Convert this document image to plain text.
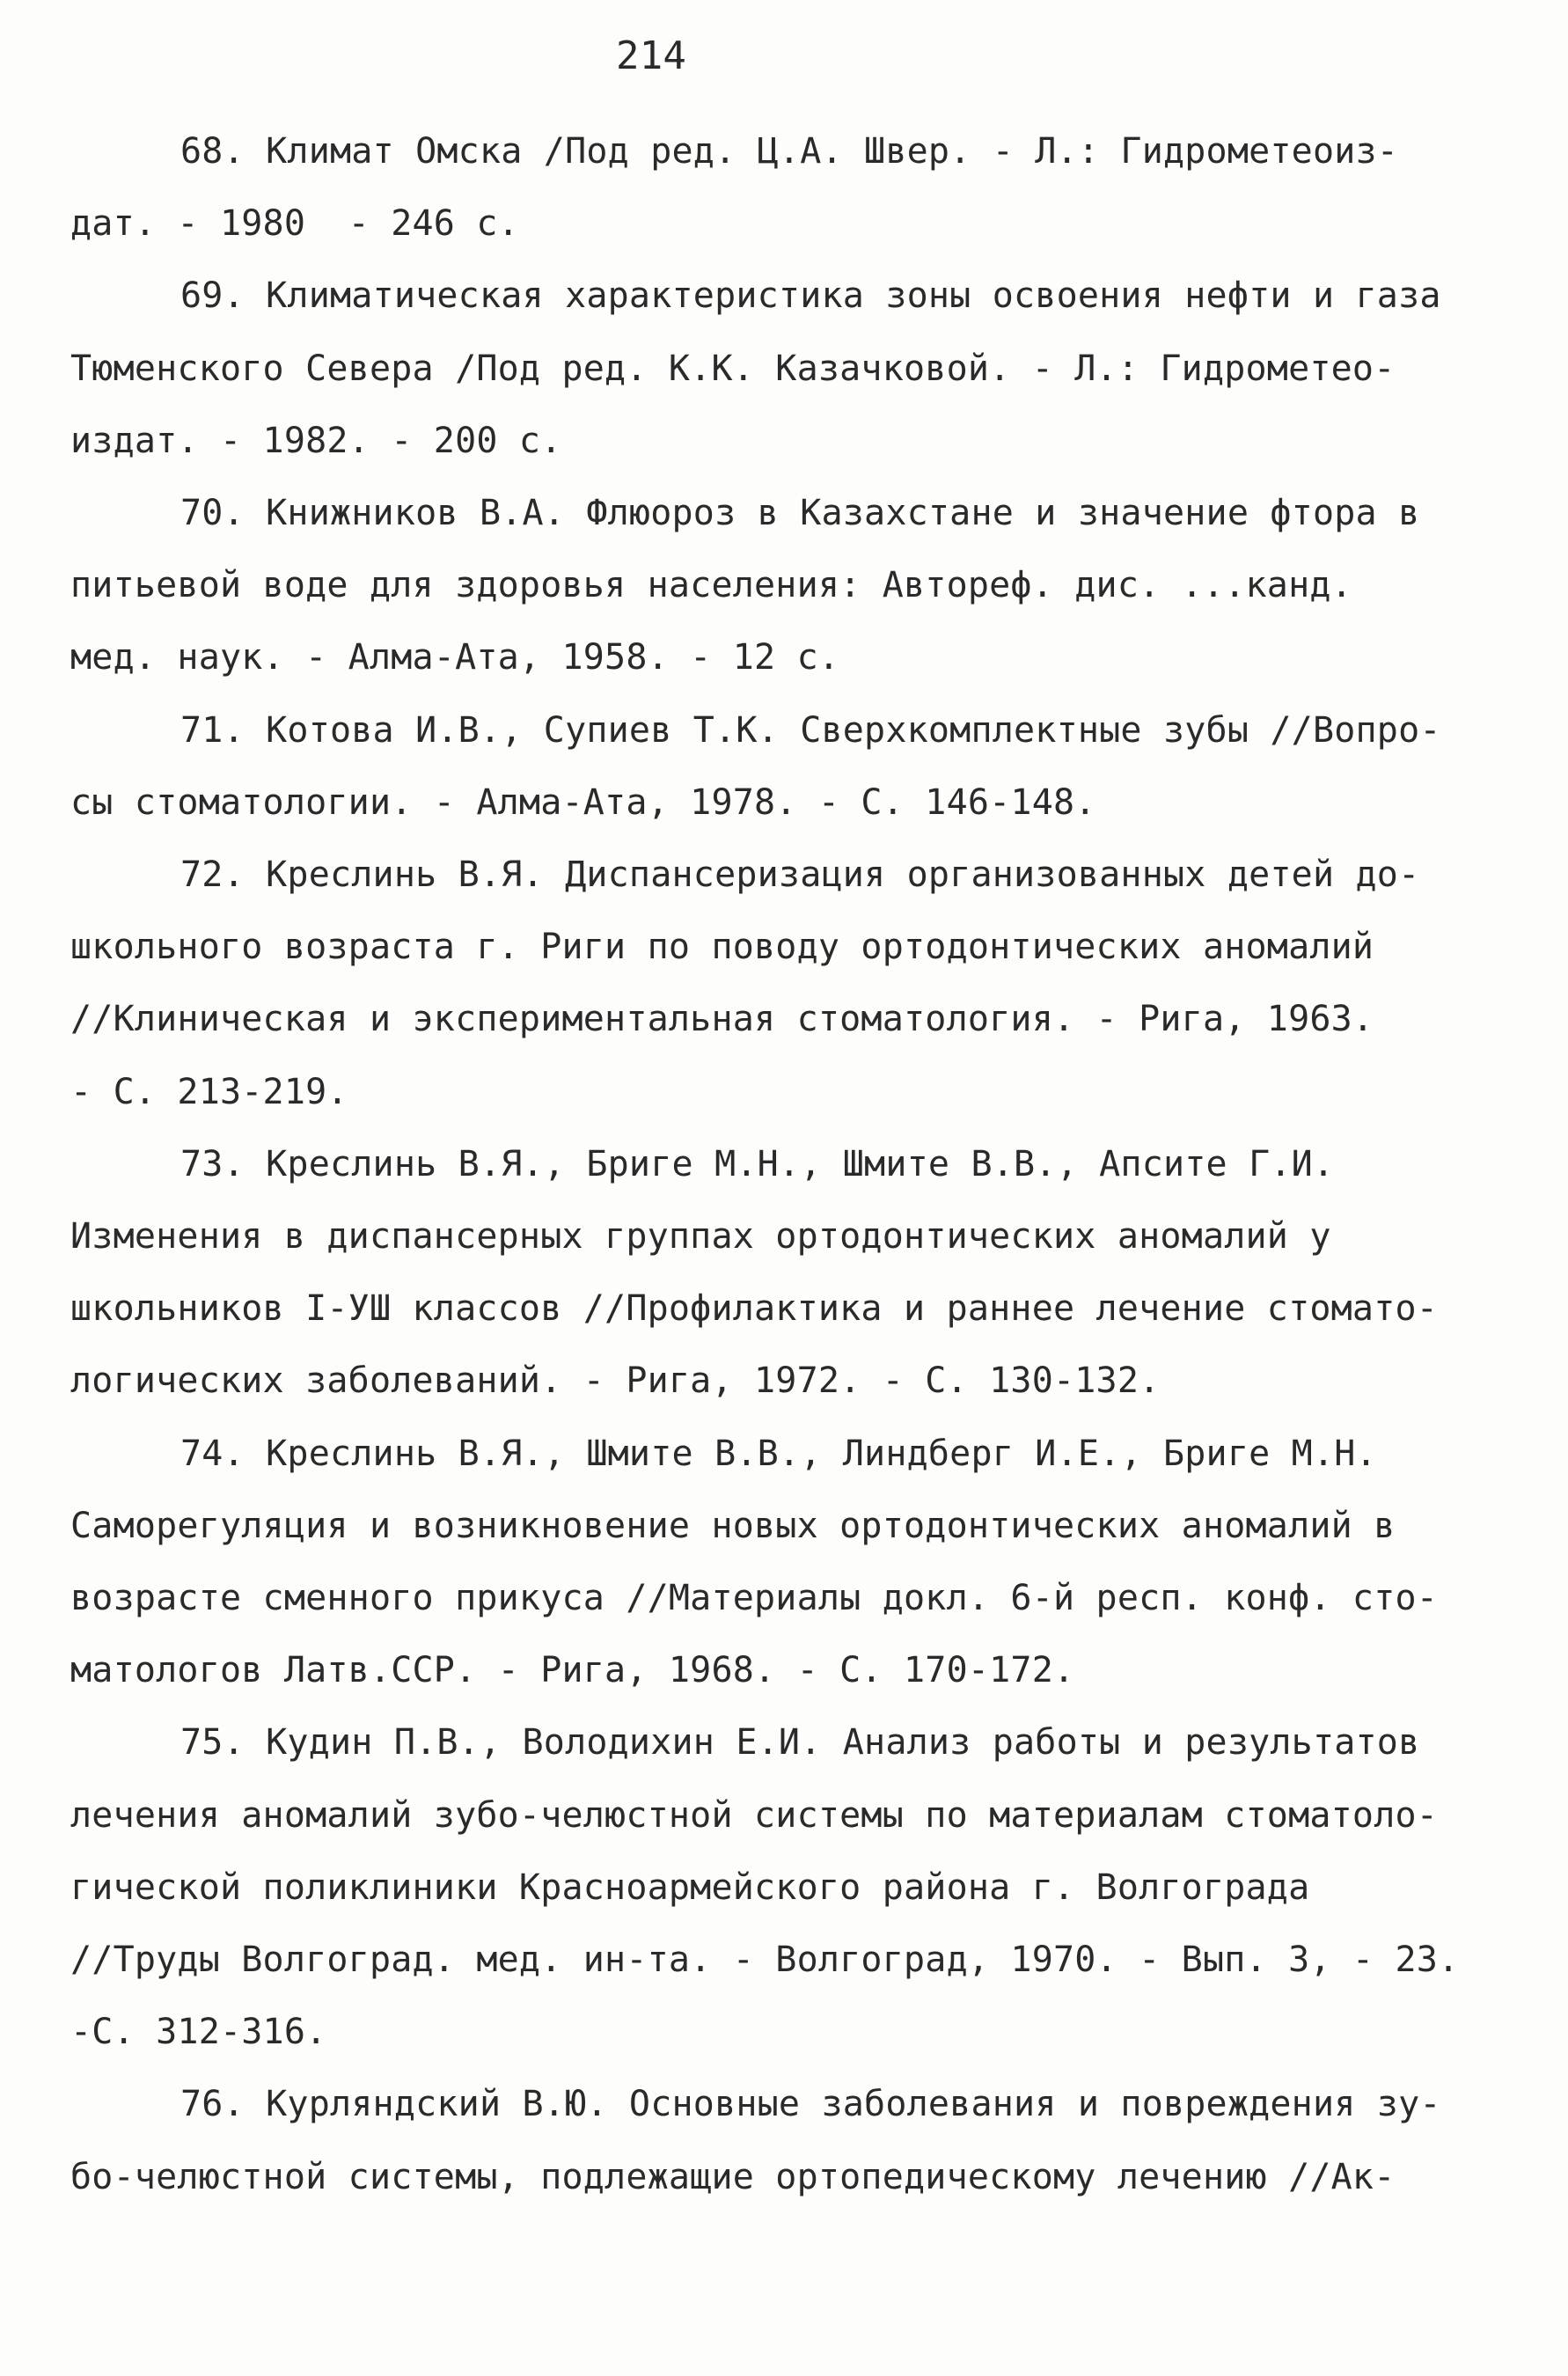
214
68. Климат Омска /Под ред. Ц.А. Швер. - Л.: Гидрометеоиз-
дат. - 1980  - 246 с.
69. Климатическая характеристика зоны освоения нефти и газа
Тюменского Севера /Под ред. К.К. Казачковой. - Л.: Гидрометео-
издат. - 1982. - 200 с.
70. Книжников В.А. Флюороз в Казахстане и значение фтора в
питьевой воде для здоровья населения: Автореф. дис. ...канд.
мед. наук. - Алма-Ата, 1958. - 12 с.
71. Котова И.В., Супиев Т.К. Сверхкомплектные зубы //Вопро-
сы стоматологии. - Алма-Ата, 1978. - С. 146-148.
72. Креслинь В.Я. Диспансеризация организованных детей до-
школьного возраста г. Риги по поводу ортодонтических аномалий
//Клиническая и экспериментальная стоматология. - Рига, 1963.
- С. 213-219.
73. Креслинь В.Я., Бриге М.Н., Шмите В.В., Апсите Г.И.
Изменения в диспансерных группах ортодонтических аномалий у
школьников I-УШ классов //Профилактика и раннее лечение стомато-
логических заболеваний. - Рига, 1972. - С. 130-132.
74. Креслинь В.Я., Шмите В.В., Линдберг И.Е., Бриге М.Н.
Саморегуляция и возникновение новых ортодонтических аномалий в
возрасте сменного прикуса //Материалы докл. 6-й респ. конф. сто-
матологов Латв.ССР. - Рига, 1968. - С. 170-172.
75. Кудин П.В., Володихин Е.И. Анализ работы и результатов
лечения аномалий зубо-челюстной системы по материалам стоматоло-
гической поликлиники Красноармейского района г. Волгограда
//Труды Волгоград. мед. ин-та. - Волгоград, 1970. - Вып. 3, - 23.
-С. 312-316.
76. Курляндский В.Ю. Основные заболевания и повреждения зу-
бо-челюстной системы, подлежащие ортопедическому лечению //Ак-
